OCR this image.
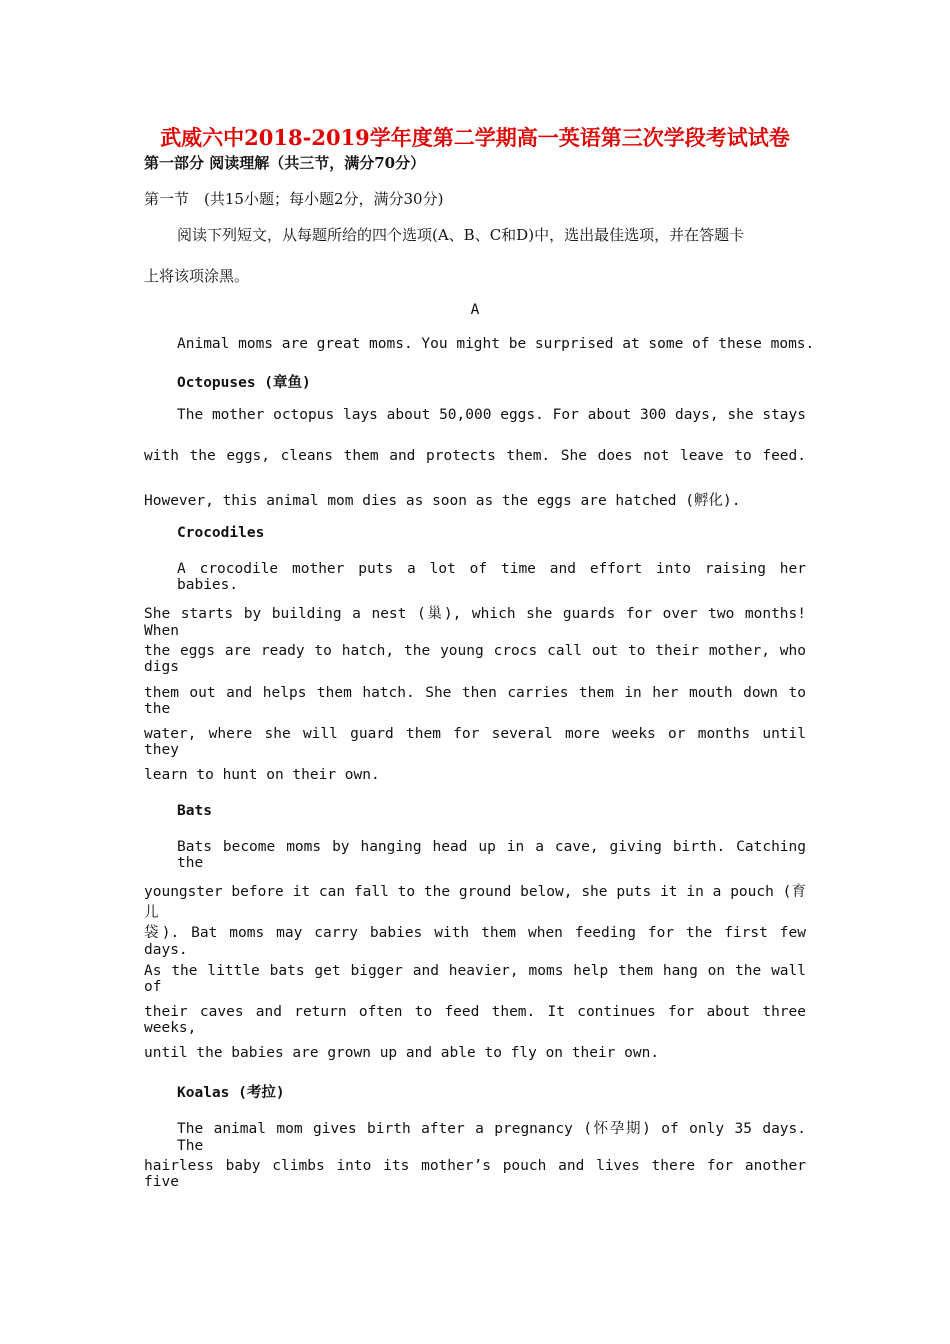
武威六中2018-2019学年度第二学期高一英语第三次学段考试试卷
第一部分 阅读理解（共三节，满分70分）
第一节　(共15小题；每小题2分，满分30分)
阅读下列短文，从每题所给的四个选项(A、B、C和D)中，选出最佳选项，并在答题卡
上将该项涂黑。
A
Animal moms are great moms. You might be surprised at some of these moms.
Octopuses (章鱼)
The mother octopus lays about 50,000 eggs. For about 300 days, she stays
with the eggs, cleans them and protects them. She does not leave to feed.
However, this animal mom dies as soon as the eggs are hatched (孵化).
Crocodiles
A crocodile mother puts a lot of time and effort into raising her babies.
She starts by building a nest (巢), which she guards for over two months! When
the eggs are ready to hatch, the young crocs call out to their mother, who digs
them out and helps them hatch. She then carries them in her mouth down to the
water, where she will guard them for several more weeks or months until they
learn to hunt on their own.
Bats
Bats become moms by hanging head up in a cave, giving birth. Catching the
youngster before it can fall to the ground below, she puts it in a pouch (育儿
袋). Bat moms may carry babies with them when feeding for the first few days.
As the little bats get bigger and heavier, moms help them hang on the wall of
their caves and return often to feed them. It continues for about three weeks,
until the babies are grown up and able to fly on their own.
Koalas (考拉)
The animal mom gives birth after a pregnancy (怀孕期) of only 35 days. The
hairless baby climbs into its mother’s pouch and lives there for another five
